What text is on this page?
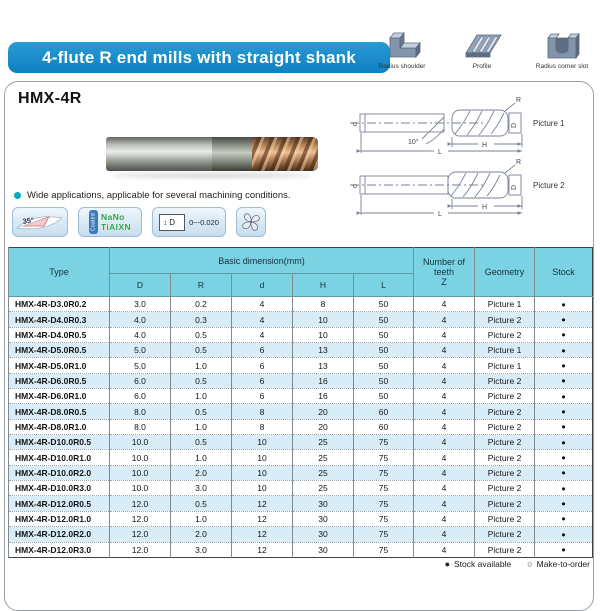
4-flute R end mills with straight shank	Radius shoulder	Profile	Radius corner slot
HMX-4R
10°
R
D
H
L
d	Picture 1
R
D
H
L
d	Picture 2
Wide applications, applicable for several machining conditions.
35°	Coated NaNo
TiAlXN	↕ D 0~-0.020
Type	Basic dimension(mm)					Number of teeth
Z	Geometry	Stock
	D	R	d	H	L			
HMX-4R-D3.0R0.2	3.0	0.2	4	8	50	4	Picture 1	●
HMX-4R-D4.0R0.3	4.0	0.3	4	10	50	4	Picture 2	●
HMX-4R-D4.0R0.5	4.0	0.5	4	10	50	4	Picture 2	●
HMX-4R-D5.0R0.5	5.0	0.5	6	13	50	4	Picture 1	●
HMX-4R-D5.0R1.0	5.0	1.0	6	13	50	4	Picture 1	●
HMX-4R-D6.0R0.5	6.0	0.5	6	16	50	4	Picture 2	●
HMX-4R-D6.0R1.0	6.0	1.0	6	16	50	4	Picture 2	●
HMX-4R-D8.0R0.5	8.0	0.5	8	20	60	4	Picture 2	●
HMX-4R-D8.0R1.0	8.0	1.0	8	20	60	4	Picture 2	●
HMX-4R-D10.0R0.5	10.0	0.5	10	25	75	4	Picture 2	●
HMX-4R-D10.0R1.0	10.0	1.0	10	25	75	4	Picture 2	●
HMX-4R-D10.0R2.0	10.0	2.0	10	25	75	4	Picture 2	●
HMX-4R-D10.0R3.0	10.0	3.0	10	25	75	4	Picture 2	●
HMX-4R-D12.0R0.5	12.0	0.5	12	30	75	4	Picture 2	●
HMX-4R-D12.0R1.0	12.0	1.0	12	30	75	4	Picture 2	●
HMX-4R-D12.0R2.0	12.0	2.0	12	30	75	4	Picture 2	●
HMX-4R-D12.0R3.0	12.0	3.0	12	30	75	4	Picture 2	●
● Stock available ○ Make-to-order
